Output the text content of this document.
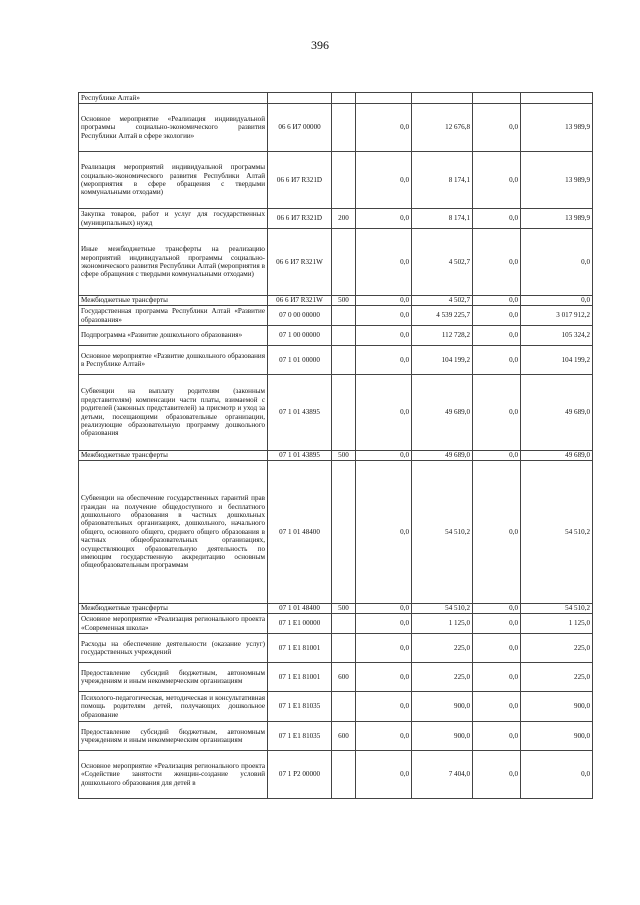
396
Республике Алтай»						
Основное мероприятие «Реализация индивидуальной программы социально-экономического развития Республики Алтай в сфере экологии»	06 6 И7 00000		0,0	12 676,8	0,0	13 989,9
Реализация мероприятий индивидуальной программы социально-экономического развития Республики Алтай (мероприятия в сфере обращения с твердыми коммунальными отходами)	06 6 И7 R321D		0,0	8 174,1	0,0	13 989,9
Закупка товаров, работ и услуг для государственных (муниципальных) нужд	06 6 И7 R321D	200	0,0	8 174,1	0,0	13 989,9
Иные межбюджетные трансферты на реализацию мероприятий индивидуальной программы социально-экономического развития Республики Алтай (мероприятия в сфере обращения с твердыми коммунальными отходами)	06 6 И7 R321W		0,0	4 502,7	0,0	0,0
Межбюджетные трансферты	06 6 И7 R321W	500	0,0	4 502,7	0,0	0,0
Государственная программа Республики Алтай «Развитие образования»	07 0 00 00000		0,0	4 539 225,7	0,0	3 017 912,2
Подпрограмма «Развитие дошкольного образования»	07 1 00 00000		0,0	112 728,2	0,0	105 324,2
Основное мероприятие «Развитие дошкольного образования в Республике Алтай»	07 1 01 00000		0,0	104 199,2	0,0	104 199,2
Субвенции на выплату родителям (законным представителям) компенсации части платы, взимаемой с родителей (законных представителей) за присмотр и уход за детьми, посещающими образовательные организации, реализующие образовательную программу дошкольного образования	07 1 01 43895		0,0	49 689,0	0,0	49 689,0
Межбюджетные трансферты	07 1 01 43895	500	0,0	49 689,0	0,0	49 689,0
Субвенции на обеспечение государственных гарантий прав граждан на получение общедоступного и бесплатного дошкольного образования в частных дошкольных образовательных организациях, дошкольного, начального общего, основного общего, среднего общего образования в частных общеобразовательных организациях, осуществляющих образовательную деятельность по имеющим государственную аккредитацию основным общеобразовательным программам	07 1 01 48400		0,0	54 510,2	0,0	54 510,2
Межбюджетные трансферты	07 1 01 48400	500	0,0	54 510,2	0,0	54 510,2
Основное мероприятие «Реализация регионального проекта «Современная школа»	07 1 E1 00000		0,0	1 125,0	0,0	1 125,0
Расходы на обеспечение деятельности (оказание услуг) государственных учреждений	07 1 E1 81001		0,0	225,0	0,0	225,0
Предоставление субсидий бюджетным, автономным учреждениям и иным некоммерческим организациям	07 1 E1 81001	600	0,0	225,0	0,0	225,0
Психолого-педагогическая, методическая и консультативная помощь родителям детей, получающих дошкольное образование	07 1 E1 81035		0,0	900,0	0,0	900,0
Предоставление субсидий бюджетным, автономным учреждениям и иным некоммерческим организациям	07 1 E1 81035	600	0,0	900,0	0,0	900,0
Основное мероприятие «Реализация регионального проекта «Содействие занятости женщин-создание условий дошкольного образования для детей в	07 1 P2 00000		0,0	7 404,0	0,0	0,0
